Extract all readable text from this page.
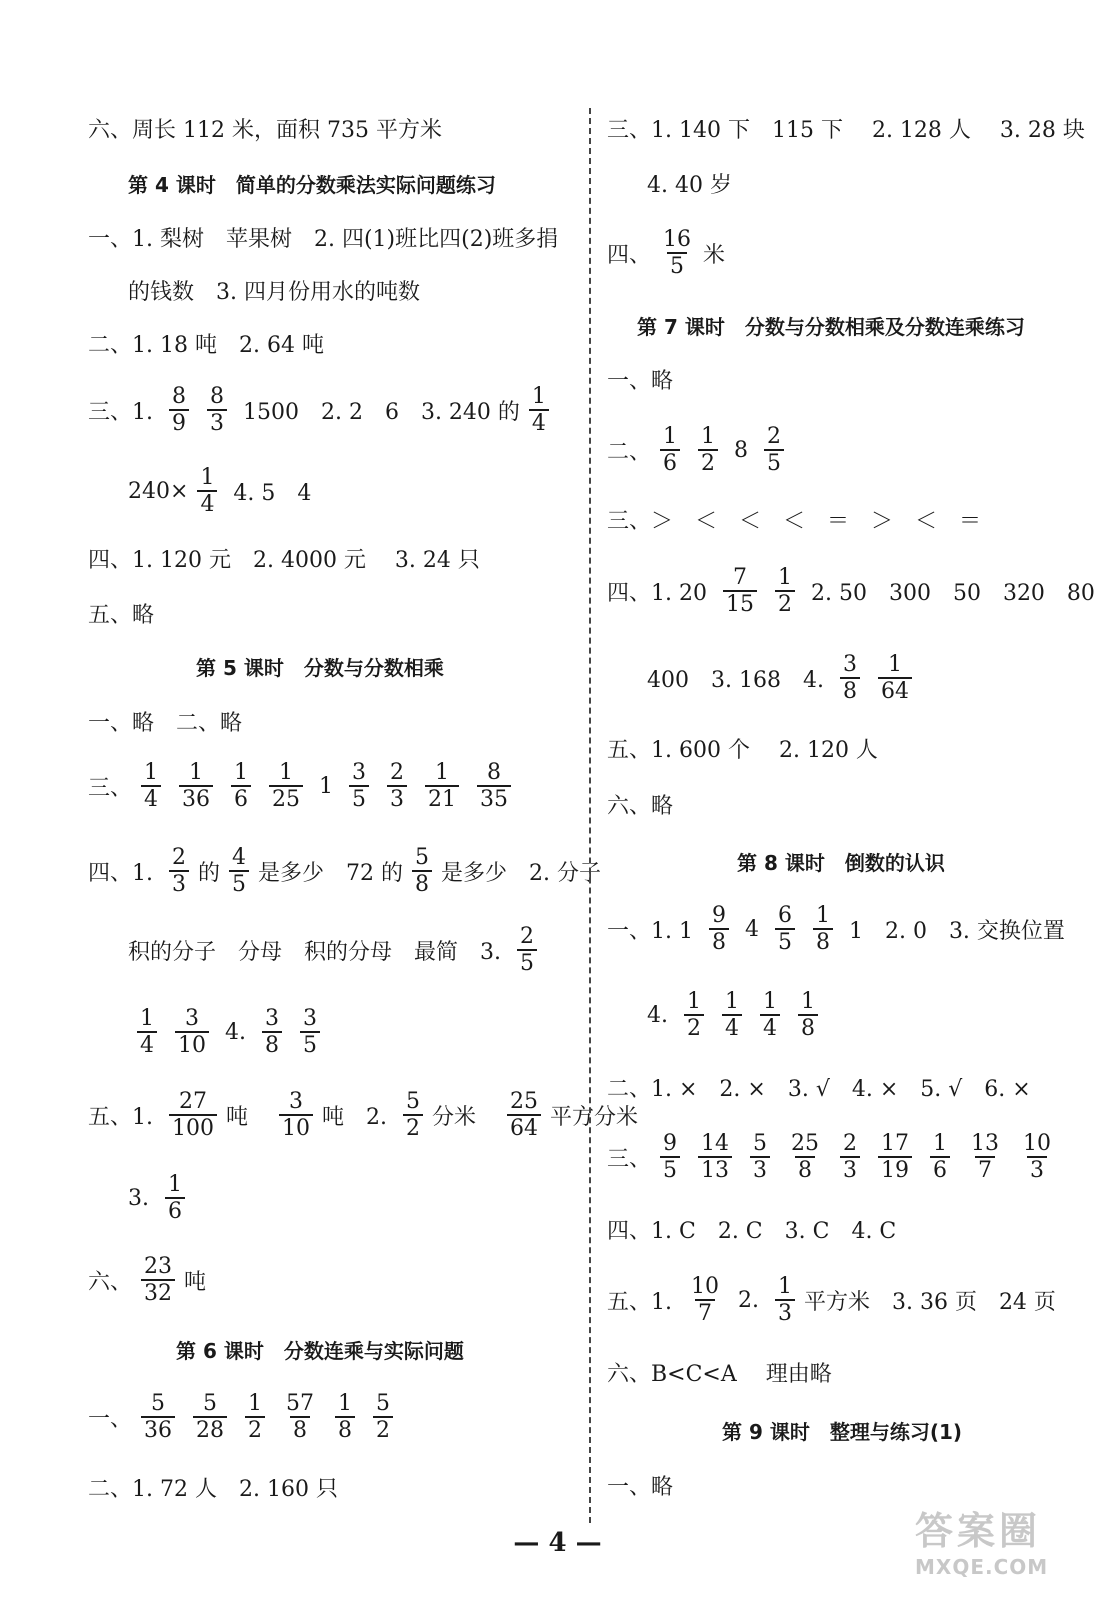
六、周长 112 米，面积 735 平方米
第 4 课时　简单的分数乘法实际问题练习
一、1. 梨树　苹果树　2. 四(1)班比四(2)班多捐
的钱数　3. 四月份用水的吨数
二、1. 18 吨　2. 64 吨
三、1. $\frac{8}{9} \frac{8}{3} 1500$　2. 2　6　3. 240 的 $\frac{1}{4}$
$240\times \frac{1}{4} 4$. 5　4
四、1. 120 元　2. 4000 元　 3. 24 只
五、略
第 5 课时　分数与分数相乘
一、略　二、略
三、 $\frac{1}{4} \frac{1}{36} \frac{1}{6} \frac{1}{25} 1 \frac{3}{5} \frac{2}{3} \frac{1}{21} \frac{8}{35}$
四、1. $\frac{2}{3}$ 的 $\frac{4}{5}$ 是多少　72 的 $\frac{5}{8}$ 是多少　2. 分子
积的分子　分母　积的分母　最简　3. $\frac{2}{5}$
$\frac{1}{4} \frac{3}{10} 4$. $\frac{3}{8} \frac{3}{5}$
五、1. $\frac{27}{100}$ 吨　 $\frac{3}{10}$ 吨　2. $\frac{5}{2}$ 分米　 $\frac{25}{64}$ 平方分米
3. $\frac{1}{6}$
六、 $\frac{23}{32}$ 吨
第 6 课时　分数连乘与实际问题
一、 $\frac{5}{36} \frac{5}{28} \frac{1}{2} \frac{57}{8} \frac{1}{8} \frac{5}{2}$
二、1. 72 人　2. 160 只
三、1. 140 下　115 下　 2. 128 人　 3. 28 块
4. 40 岁
四、 $\frac{16}{5}$ 米
第 7 课时　分数与分数相乘及分数连乘练习
一、略
二、 $\frac{1}{6} \frac{1}{2} 8 \frac{2}{5}$
三、＞　＜　＜　＜　＝　＞　＜　＝
四、1. $20 \frac{7}{15} \frac{1}{2} 2$. 50　300　50　320　80
400　3. 168　4. $\frac{3}{8} \frac{1}{64}$
五、1. 600 个　 2. 120 人
六、略
第 8 课时　倒数的认识
一、1. $1 \frac{9}{8} 4 \frac{6}{5} \frac{1}{8} 1$　2. 0　3. 交换位置
4. $\frac{1}{2} \frac{1}{4} \frac{1}{4} \frac{1}{8}$
二、1. ×　2. ×　3. √　4. ×　5. √　6. ×
三、 $\frac{9}{5} \frac{14}{13} \frac{5}{3} \frac{25}{8} \frac{2}{3} \frac{17}{19} \frac{1}{6} \frac{13}{7} \frac{10}{3}$
四、1. C　2. C　3. C　4. C
五、1. $\frac{10}{7} 2$. $\frac{1}{3}$ 平方米　3. 36 页　24 页
六、B<C<A　 理由略
第 9 课时　整理与练习(1)
一、略
— 4 —	答案圈
MXQE.COM
